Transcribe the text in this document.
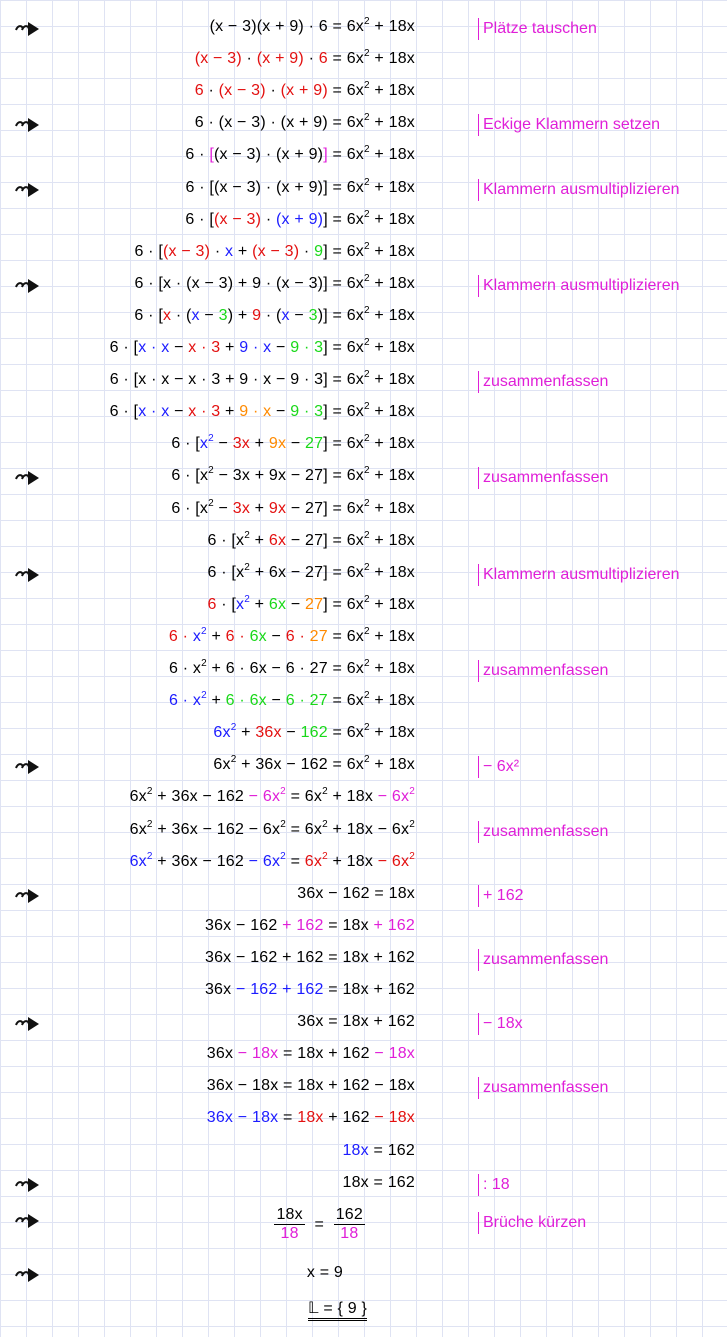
$(x - 3)(x + 9) \cdot 6 = 6x^2 + 18x$	Plätze tauschen
$(x - 3) \cdot (x + 9) \cdot 6 = 6x^2 + 18x$
$6 \cdot (x - 3) \cdot (x + 9) = 6x^2 + 18x$
$6 \cdot (x - 3) \cdot (x + 9) = 6x^2 + 18x$	Eckige Klammern setzen
$6 \cdot [(x - 3) \cdot (x + 9)] = 6x^2 + 18x$
$6 \cdot [(x - 3) \cdot (x + 9)] = 6x^2 + 18x$	Klammern ausmultiplizieren
$6 \cdot [(x - 3) \cdot (x + 9)] = 6x^2 + 18x$
$6 \cdot [(x - 3) \cdot x + (x - 3) \cdot 9] = 6x^2 + 18x$
$6 \cdot [x \cdot (x - 3) + 9 \cdot (x - 3)] = 6x^2 + 18x$	Klammern ausmultiplizieren
$6 \cdot [x \cdot (x - 3) + 9 \cdot (x - 3)] = 6x^2 + 18x$
$6 \cdot [x \cdot x - x \cdot 3 + 9 \cdot x - 9 \cdot 3] = 6x^2 + 18x$
$6 \cdot [x \cdot x - x \cdot 3 + 9 \cdot x - 9 \cdot 3] = 6x^2 + 18x$	zusammenfassen
$6 \cdot [x \cdot x - x \cdot 3 + 9 \cdot x - 9 \cdot 3] = 6x^2 + 18x$
$6 \cdot [x^2 - 3x + 9x - 27] = 6x^2 + 18x$
$6 \cdot [x^2 - 3x + 9x - 27] = 6x^2 + 18x$	zusammenfassen
$6 \cdot [x^2 - 3x + 9x - 27] = 6x^2 + 18x$
$6 \cdot [x^2 + 6x - 27] = 6x^2 + 18x$
$6 \cdot [x^2 + 6x - 27] = 6x^2 + 18x$	Klammern ausmultiplizieren
$6 \cdot [x^2 + 6x - 27] = 6x^2 + 18x$
$6 \cdot x^2 + 6 \cdot 6x - 6 \cdot 27 = 6x^2 + 18x$
$6 \cdot x^2 + 6 \cdot 6x - 6 \cdot 27 = 6x^2 + 18x$	zusammenfassen
$6 \cdot x^2 + 6 \cdot 6x - 6 \cdot 27 = 6x^2 + 18x$
$6x^2 + 36x - 162 = 6x^2 + 18x$
$6x^2 + 36x - 162 = 6x^2 + 18x$	− 6x²
$6x^2 + 36x - 162 - 6x^2 = 6x^2 + 18x - 6x^2$
$6x^2 + 36x - 162 - 6x^2 = 6x^2 + 18x - 6x^2$	zusammenfassen
$6x^2 + 36x - 162 - 6x^2 = 6x^2 + 18x - 6x^2$
36x − 162 = 18x	+ 162
36x − 162 + 162 = 18x + 162
36x − 162 + 162 = 18x + 162	zusammenfassen
36x − 162 + 162 = 18x + 162
36x = 18x + 162	− 18x
36x − 18x = 18x + 162 − 18x
36x − 18x = 18x + 162 − 18x	zusammenfassen
36x − 18x = 18x + 162 − 18x
18x = 162
18x = 162	: 18
$\frac{18x}{18} = \frac{162}{18}$	Brüche kürzen
x = 9
𝕃 = { 9 }
